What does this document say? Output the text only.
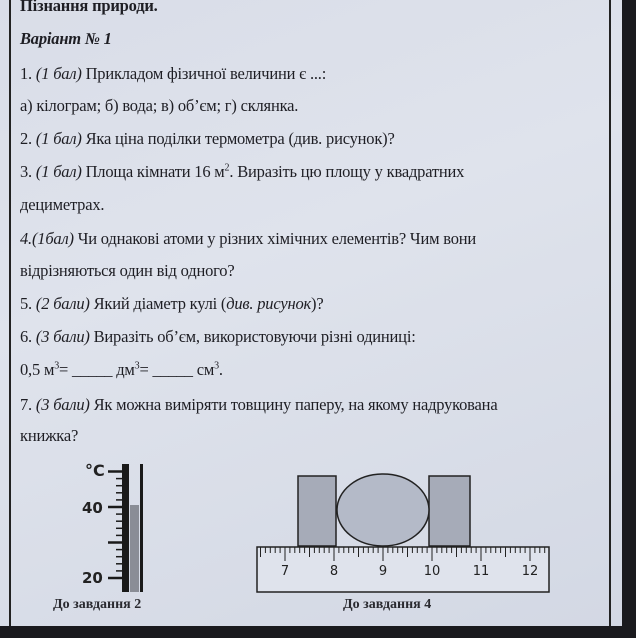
Пізнання природи.
Варіант № 1
1. (1 бал) Прикладом фізичної величини є ...:
а) кілограм; б) вода; в) об’єм; г) склянка.
2. (1 бал) Яка ціна поділки термометра (див. рисунок)?
3. (1 бал) Площа кімнати 16 $м^2$. Виразіть цю площу у квадратних
дециметрах.
4.(1бал) Чи однакові атоми у різних хімічних елементів? Чим вони
відрізняються один від одного?
5. (2 бали) Який діаметр кулі (див. рисунок)?
6. (3 бали) Виразіть об’єм, використовуючи різні одиниці:
0,5 $м^3=$ _____ $дм^3=$ _____ $см^3$.
7. (3 бали) Як можна виміряти товщину паперу, на якому надрукована
книжка?
°C
40
20	7	8	9	10 11 12
До завдання 2	До завдання 4
